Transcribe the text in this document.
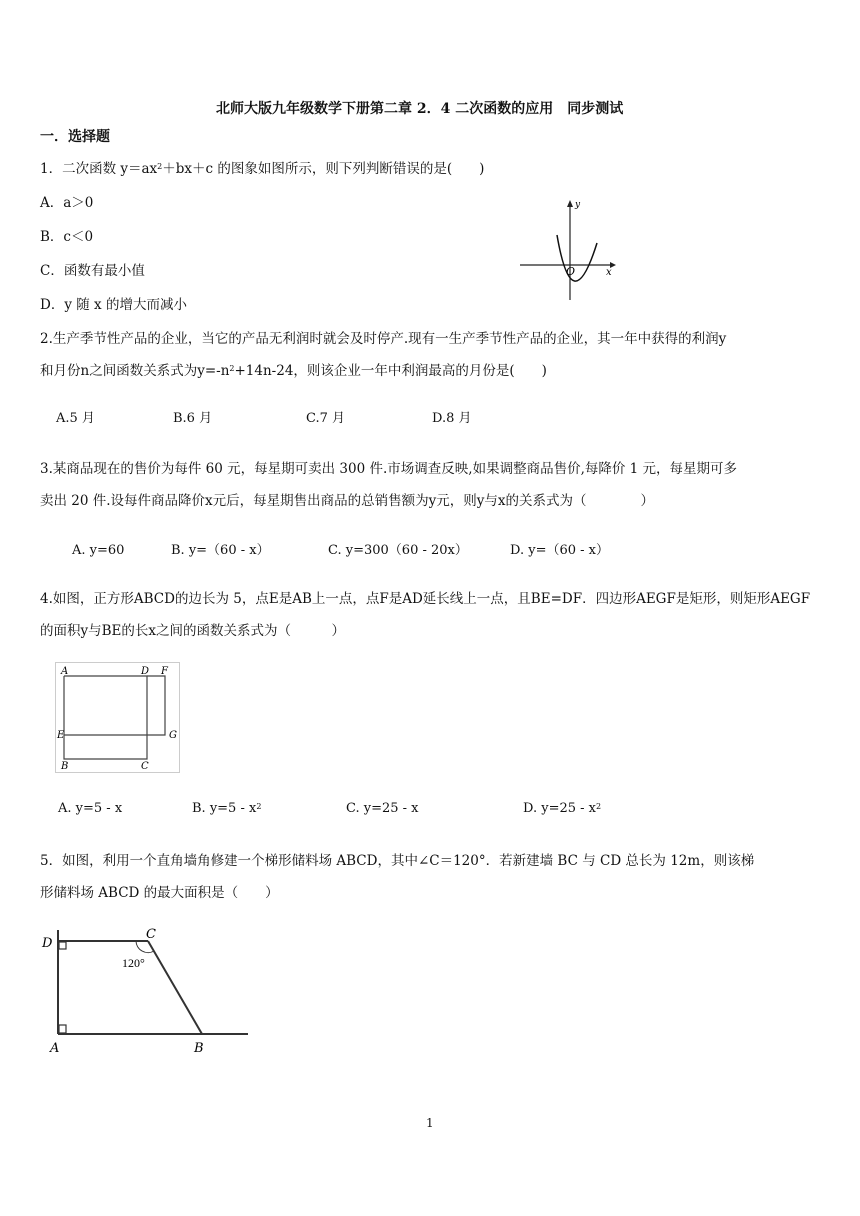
北师大版九年级数学下册第二章 2．4 二次函数的应用　同步测试
一．选择题
1．二次函数 $y=ax^2+bx+c$ 的图象如图所示，则下列判断错误的是(　　)
A．a＞0
B．c＜0
C．函数有最小值
D．y 随 x 的增大而减小
y
x
O
2.生产季节性产品的企业，当它的产品无利润时就会及时停产.现有一生产季节性产品的企业，其一年中获得的利润y
和月份n之间函数关系式为$y=-n^2+14n-24$，则该企业一年中利润最高的月份是(　　)
A.5 月	B.6 月	C.7 月	D.8 月
3.某商品现在的售价为每件 60 元，每星期可卖出 300 件.市场调查反映,如果调整商品售价,每降价 1 元，每星期可多
卖出 20 件.设每件商品降价x元后，每星期售出商品的总销售额为y元，则y与x的关系式为（　　　　）
A. y=60	B. y=（60 - x）	C. y=300（60 - 20x）	D. y=（60 - x）
4.如图，正方形ABCD的边长为 5，点E是AB上一点，点F是AD延长线上一点，且BE=DF．四边形AEGF是矩形，则矩形AEGF
的面积y与BE的长x之间的函数关系式为（　　　）
A	D F
E	G
B	C
A. y=5 - x	B. $y=5 - x^2$	C. y=25 - x	D. $y=25 - x^2$
5．如图，利用一个直角墙角修建一个梯形储料场 ABCD，其中∠C＝120°．若新建墙 BC 与 CD 总长为 12m，则该梯
形储料场 ABCD 的最大面积是（　　）
D
C
A	B
120°
1
